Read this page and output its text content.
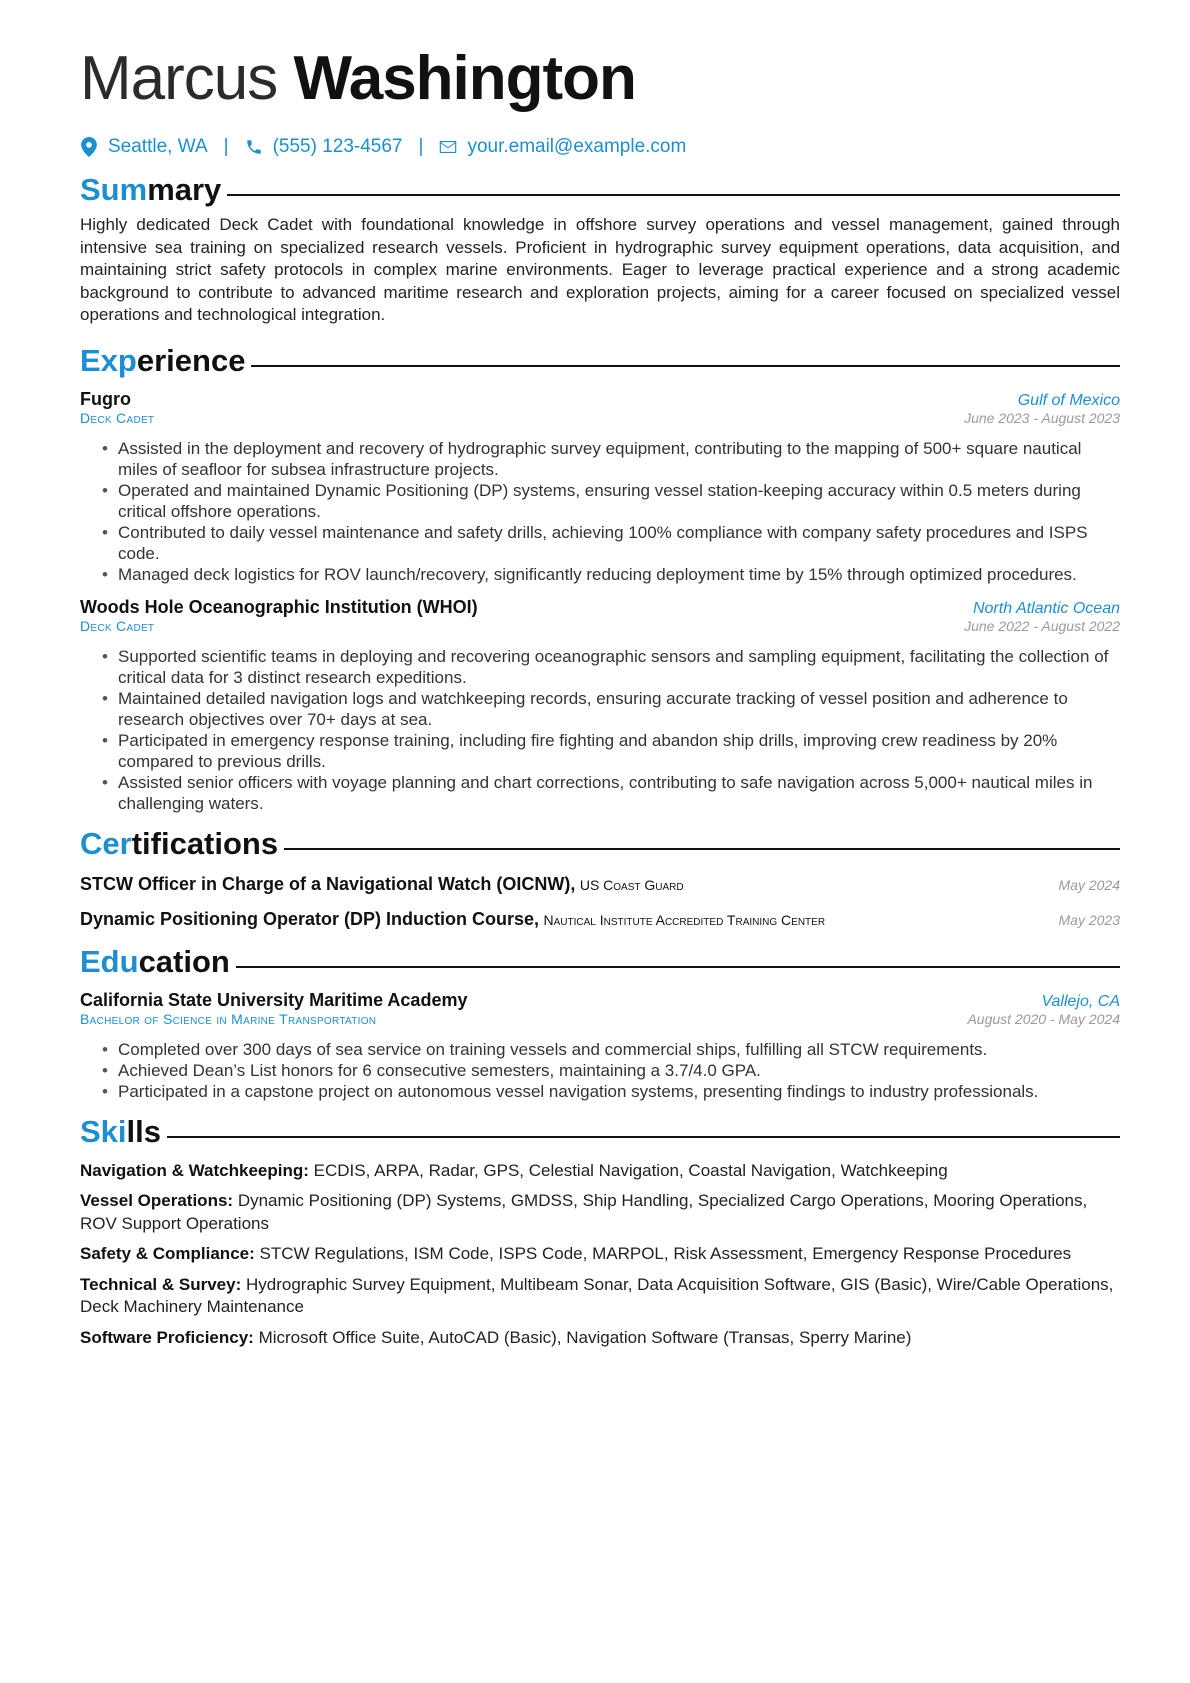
Marcus Washington
Seattle, WA | (555) 123-4567 | your.email@example.com
Summary
Highly dedicated Deck Cadet with foundational knowledge in offshore survey operations and vessel management, gained through intensive sea training on specialized research vessels. Proficient in hydrographic survey equipment operations, data acquisition, and maintaining strict safety protocols in complex marine environments. Eager to leverage practical experience and a strong academic background to contribute to advanced maritime research and exploration projects, aiming for a career focused on specialized vessel operations and technological integration.
Experience
Fugro	Gulf of Mexico
Deck Cadet	June 2023 - August 2023
• Assisted in the deployment and recovery of hydrographic survey equipment, contributing to the mapping of 500+ square nautical miles of seafloor for subsea infrastructure projects.
• Operated and maintained Dynamic Positioning (DP) systems, ensuring vessel station-keeping accuracy within 0.5 meters during critical offshore operations.
• Contributed to daily vessel maintenance and safety drills, achieving 100% compliance with company safety procedures and ISPS code.
• Managed deck logistics for ROV launch/recovery, significantly reducing deployment time by 15% through optimized procedures.
Woods Hole Oceanographic Institution (WHOI)	North Atlantic Ocean
Deck Cadet	June 2022 - August 2022
• Supported scientific teams in deploying and recovering oceanographic sensors and sampling equipment, facilitating the collection of critical data for 3 distinct research expeditions.
• Maintained detailed navigation logs and watchkeeping records, ensuring accurate tracking of vessel position and adherence to research objectives over 70+ days at sea.
• Participated in emergency response training, including fire fighting and abandon ship drills, improving crew readiness by 20% compared to previous drills.
• Assisted senior officers with voyage planning and chart corrections, contributing to safe navigation across 5,000+ nautical miles in challenging waters.
Certifications
STCW Officer in Charge of a Navigational Watch (OICNW), US Coast Guard	May 2024
Dynamic Positioning Operator (DP) Induction Course, Nautical Institute Accredited Training Center	May 2023
Education
California State University Maritime Academy	Vallejo, CA
Bachelor of Science in Marine Transportation	August 2020 - May 2024
• Completed over 300 days of sea service on training vessels and commercial ships, fulfilling all STCW requirements.
• Achieved Dean’s List honors for 6 consecutive semesters, maintaining a 3.7/4.0 GPA.
• Participated in a capstone project on autonomous vessel navigation systems, presenting findings to industry professionals.
Skills
Navigation & Watchkeeping: ECDIS, ARPA, Radar, GPS, Celestial Navigation, Coastal Navigation, Watchkeeping
Vessel Operations: Dynamic Positioning (DP) Systems, GMDSS, Ship Handling, Specialized Cargo Operations, Mooring Operations, ROV Support Operations
Safety & Compliance: STCW Regulations, ISM Code, ISPS Code, MARPOL, Risk Assessment, Emergency Response Procedures
Technical & Survey: Hydrographic Survey Equipment, Multibeam Sonar, Data Acquisition Software, GIS (Basic), Wire/Cable Operations, Deck Machinery Maintenance
Software Proficiency: Microsoft Office Suite, AutoCAD (Basic), Navigation Software (Transas, Sperry Marine)
